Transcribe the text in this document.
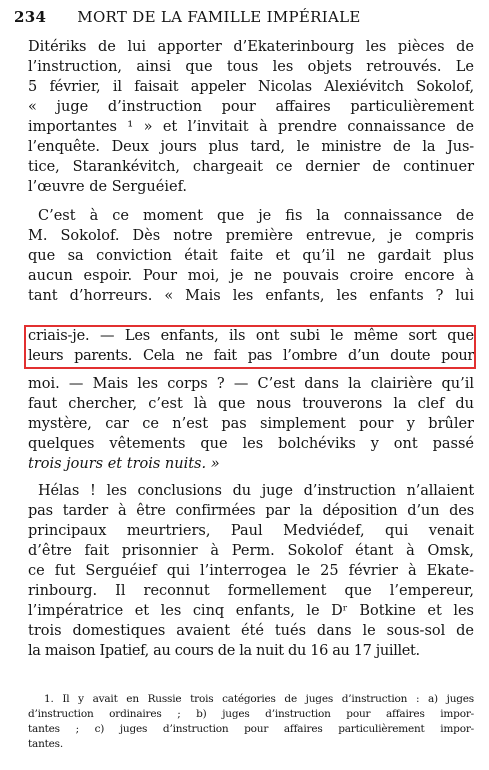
234 MORT DE LA FAMILLE IMPÉRIALE
Ditériks de lui apporter d’Ekaterinbourg les pièces de
l’instruction, ainsi que tous les objets retrouvés. Le
5 février, il faisait appeler Nicolas Alexiévitch Sokolof,
« juge d’instruction pour affaires particulièrement
importantes ¹ » et l’invitait à prendre connaissance de
l’enquête. Deux jours plus tard, le ministre de la Jus-
tice, Starankévitch, chargeait ce dernier de continuer
l’œuvre de Serguéief.
C’est à ce moment que je fis la connaissance de
M. Sokolof. Dès notre première entrevue, je compris
que sa conviction était faite et qu’il ne gardait plus
aucun espoir. Pour moi, je ne pouvais croire encore à
tant d’horreurs. « Mais les enfants, les enfants ? lui
criais-je. — Les enfants, ils ont subi le même sort que
leurs parents. Cela ne fait pas l’ombre d’un doute pour
moi. — Mais les corps ? — C’est dans la clairière qu’il
faut chercher, c’est là que nous trouverons la clef du
mystère, car ce n’est pas simplement pour y brûler
quelques vêtements que les bolchéviks y ont passé
trois jours et trois nuits. »
Hélas ! les conclusions du juge d’instruction n’allaient
pas tarder à être confirmées par la déposition d’un des
principaux meurtriers, Paul Medviédef, qui venait
d’être fait prisonnier à Perm. Sokolof étant à Omsk,
ce fut Serguéief qui l’interrogea le 25 février à Ekate-
rinbourg. Il reconnut formellement que l’empereur,
l’impératrice et les cinq enfants, le Dʳ Botkine et les
trois domestiques avaient été tués dans le sous-sol de
la maison Ipatief, au cours de la nuit du 16 au 17 juillet.
1. Il y avait en Russie trois catégories de juges d’instruction : a) juges
d’instruction ordinaires ; b) juges d’instruction pour affaires impor-
tantes ; c) juges d’instruction pour affaires particulièrement impor-
tantes.
